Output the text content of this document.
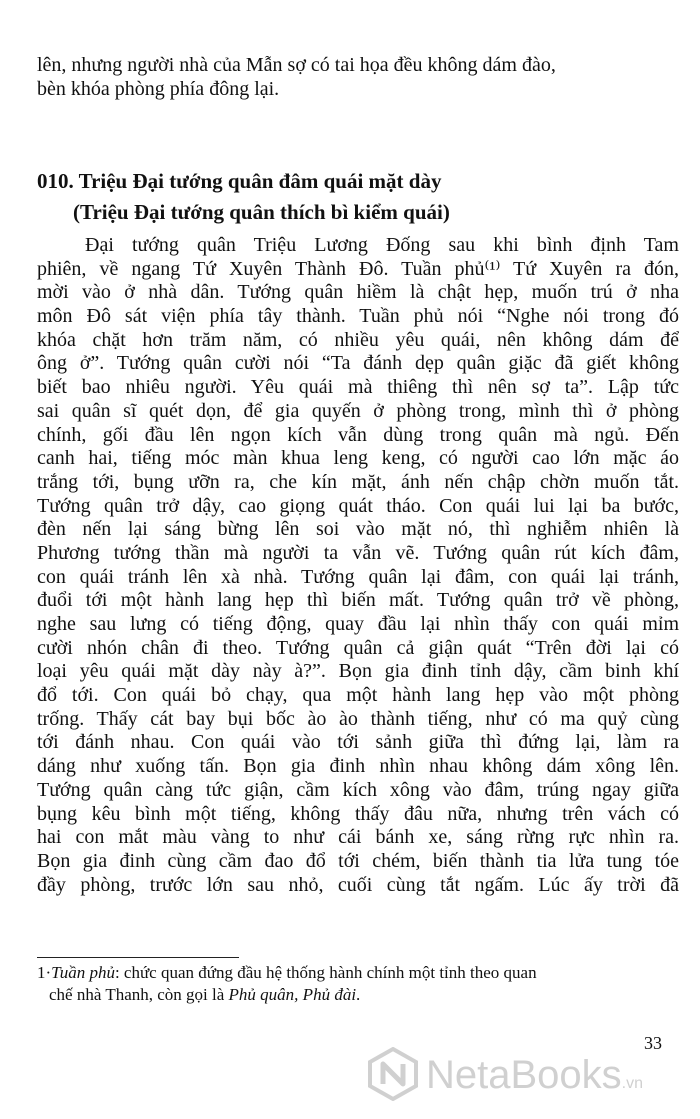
lên, nhưng người nhà của Mẫn sợ có tai họa đều không dám đào,
bèn khóa phòng phía đông lại.
010. Triệu Đại tướng quân đâm quái mặt dày
(Triệu Đại tướng quân thích bì kiểm quái)
Đại tướng quân Triệu Lương Đống sau khi bình định Tam
phiên, về ngang Tứ Xuyên Thành Đô. Tuần phủ⁽¹⁾ Tứ Xuyên ra đón,
mời vào ở nhà dân. Tướng quân hiềm là chật hẹp, muốn trú ở nha
môn Đô sát viện phía tây thành. Tuần phủ nói “Nghe nói trong đó
khóa chặt hơn trăm năm, có nhiều yêu quái, nên không dám để
ông ở”. Tướng quân cười nói “Ta đánh dẹp quân giặc đã giết không
biết bao nhiêu người. Yêu quái mà thiêng thì nên sợ ta”. Lập tức
sai quân sĩ quét dọn, để gia quyến ở phòng trong, mình thì ở phòng
chính, gối đầu lên ngọn kích vẫn dùng trong quân mà ngủ. Đến
canh hai, tiếng móc màn khua leng keng, có người cao lớn mặc áo
trắng tới, bụng ưỡn ra, che kín mặt, ánh nến chập chờn muốn tắt.
Tướng quân trở dậy, cao giọng quát tháo. Con quái lui lại ba bước,
đèn nến lại sáng bừng lên soi vào mặt nó, thì nghiễm nhiên là
Phương tướng thần mà người ta vẫn vẽ. Tướng quân rút kích đâm,
con quái tránh lên xà nhà. Tướng quân lại đâm, con quái lại tránh,
đuổi tới một hành lang hẹp thì biến mất. Tướng quân trở về phòng,
nghe sau lưng có tiếng động, quay đầu lại nhìn thấy con quái mỉm
cười nhón chân đi theo. Tướng quân cả giận quát “Trên đời lại có
loại yêu quái mặt dày này à?”. Bọn gia đinh tỉnh dậy, cầm binh khí
đổ tới. Con quái bỏ chạy, qua một hành lang hẹp vào một phòng
trống. Thấy cát bay bụi bốc ào ào thành tiếng, như có ma quỷ cùng
tới đánh nhau. Con quái vào tới sảnh giữa thì đứng lại, làm ra
dáng như xuống tấn. Bọn gia đinh nhìn nhau không dám xông lên.
Tướng quân càng tức giận, cầm kích xông vào đâm, trúng ngay giữa
bụng kêu bình một tiếng, không thấy đâu nữa, nhưng trên vách có
hai con mắt màu vàng to như cái bánh xe, sáng rừng rực nhìn ra.
Bọn gia đinh cùng cầm đao đổ tới chém, biến thành tia lửa tung tóe
đầy phòng, trước lớn sau nhỏ, cuối cùng tắt ngấm. Lúc ấy trời đã
1·Tuần phủ: chức quan đứng đầu hệ thống hành chính một tỉnh theo quan
chế nhà Thanh, còn gọi là Phủ quân, Phủ đài.
33
NetaBooks.vn
